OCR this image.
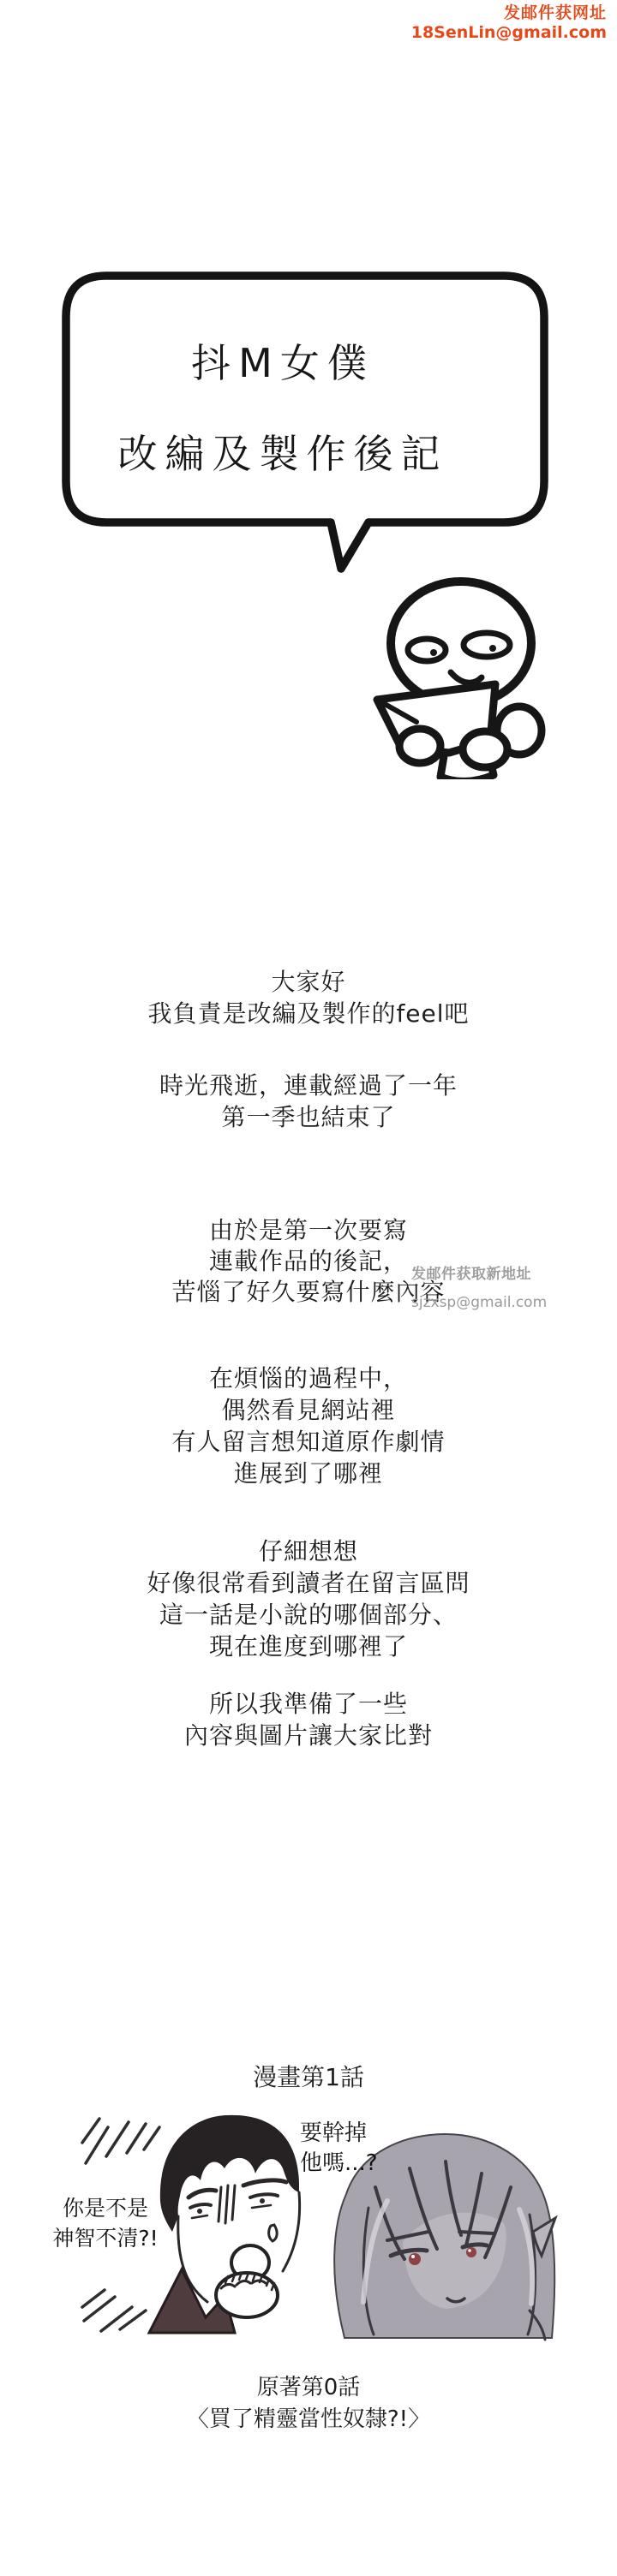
发邮件获网址
18SenLin@gmail.com
抖M女僕
改編及製作後記
大家好
我負責是改編及製作的feel吧
時光飛逝，連載經過了一年
第一季也結束了
由於是第一次要寫
連載作品的後記，
苦惱了好久要寫什麼內容
在煩惱的過程中，
偶然看見網站裡
有人留言想知道原作劇情
進展到了哪裡
仔細想想
好像很常看到讀者在留言區問
這一話是小說的哪個部分、
現在進度到哪裡了
所以我準備了一些
內容與圖片讓大家比對
发邮件获取新地址
sjzxsp@gmail.com
漫畫第1話
要幹掉
他嗎...?
你是不是
神智不清?!
原著第0話
〈買了精靈當性奴隸?!〉
